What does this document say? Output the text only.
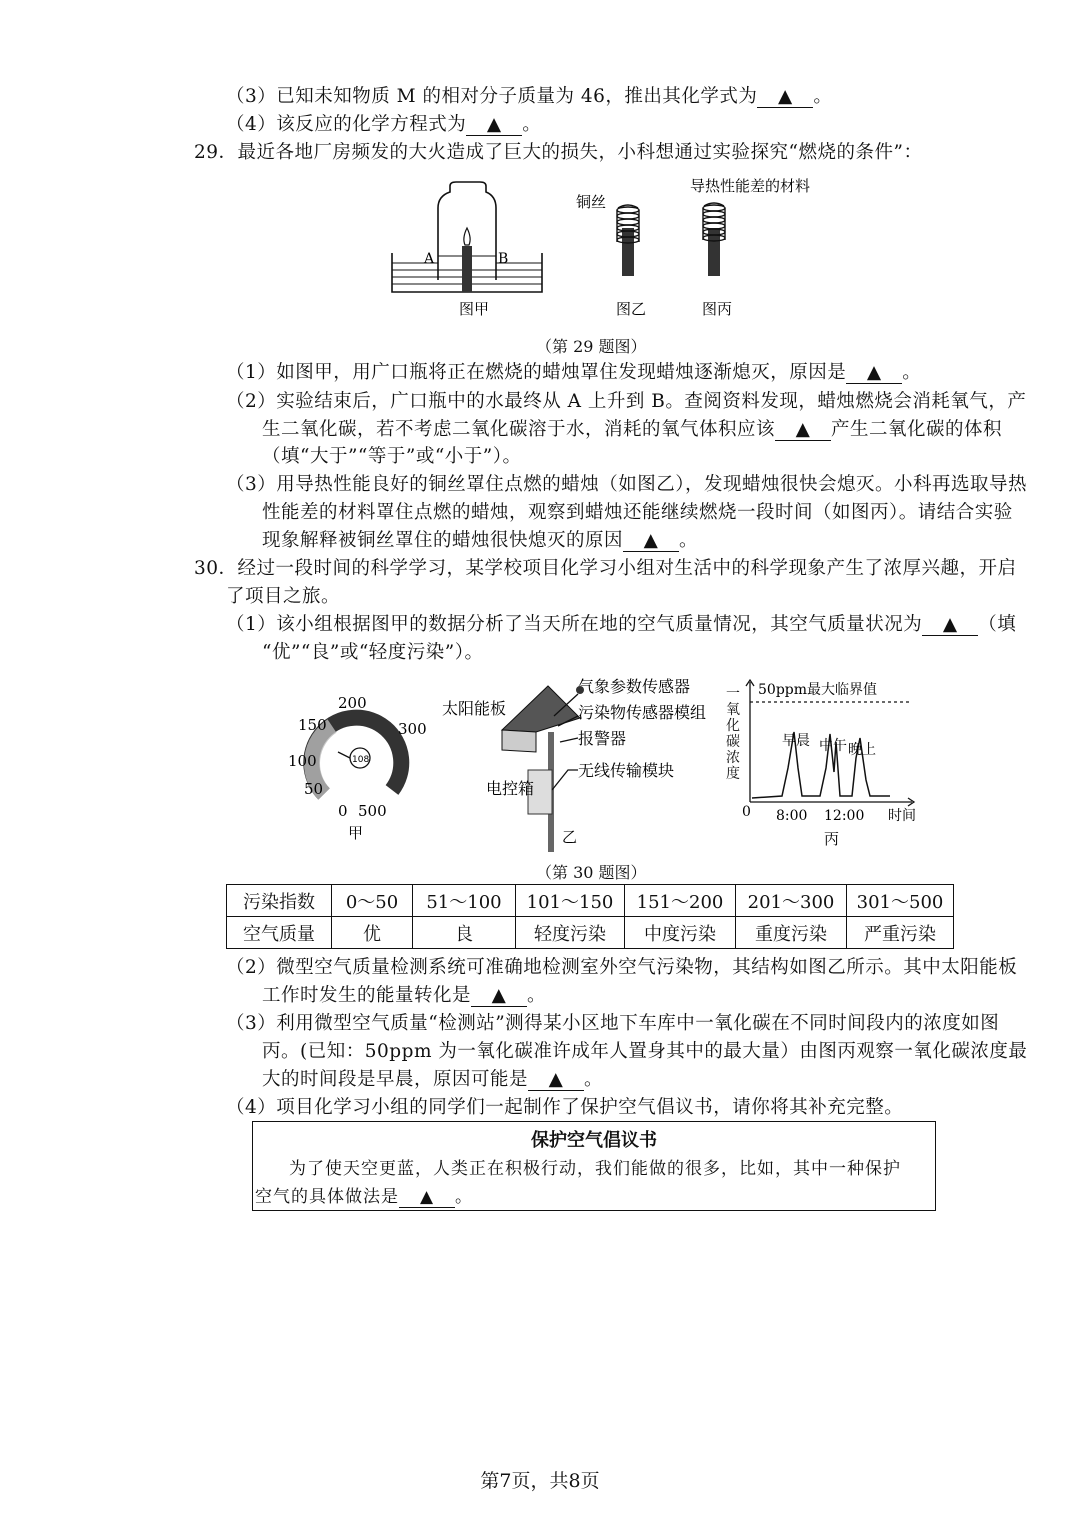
（3）已知未知物质 M 的相对分子质量为 46，推出其化学式为 ▲ 。
（4）该反应的化学方程式为 ▲ 。
29．最近各地厂房频发的大火造成了巨大的损失，小科想通过实验探究“燃烧的条件”：
A	B
铜丝
导热性能差的材料
图甲	图乙	图丙
（第 29 题图）
（1）如图甲，用广口瓶将正在燃烧的蜡烛罩住发现蜡烛逐渐熄灭，原因是 ▲ 。
（2）实验结束后，广口瓶中的水最终从 A 上升到 B。查阅资料发现，蜡烛燃烧会消耗氧气，产
生二氧化碳，若不考虑二氧化碳溶于水，消耗的氧气体积应该 ▲ 产生二氧化碳的体积
（填“大于”“等于”或“小于”）。
（3）用导热性能良好的铜丝罩住点燃的蜡烛（如图乙），发现蜡烛很快会熄灭。小科再选取导热
性能差的材料罩住点燃的蜡烛，观察到蜡烛还能继续燃烧一段时间（如图丙）。请结合实验
现象解释被铜丝罩住的蜡烛很快熄灭的原因 ▲ 。
30．经过一段时间的科学学习，某学校项目化学习小组对生活中的科学现象产生了浓厚兴趣，开启
了项目之旅。
（1）该小组根据图甲的数据分析了当天所在地的空气质量情况，其空气质量状况为 ▲ （填
“优”“良”或“轻度污染”）。
108
200
300
150
100
50
0 500
甲
太阳能板
气象参数传感器
污染物传感器模组
报警器
无线传输模块
电控箱
乙
50ppm最大临界值
早晨 中午 晚上
0 8:00 12:00 时间
丙
一氧化碳浓度
（第 30 题图）
污染指数	0～50	51～100	101～150	151～200	201～300	301～500
空气质量	优	良	轻度污染	中度污染	重度污染	严重污染
（2）微型空气质量检测系统可准确地检测室外空气污染物，其结构如图乙所示。其中太阳能板
工作时发生的能量转化是 ▲ 。
（3）利用微型空气质量“检测站”测得某小区地下车库中一氧化碳在不同时间段内的浓度如图
丙。(已知：50ppm 为一氧化碳准许成年人置身其中的最大量）由图丙观察一氧化碳浓度最
大的时间段是早晨，原因可能是 ▲ 。
（4）项目化学习小组的同学们一起制作了保护空气倡议书，请你将其补充完整。
保护空气倡议书
为了使天空更蓝，人类正在积极行动，我们能做的很多，比如，其中一种保护
空气的具体做法是 ▲ 。
第7页，共8页
